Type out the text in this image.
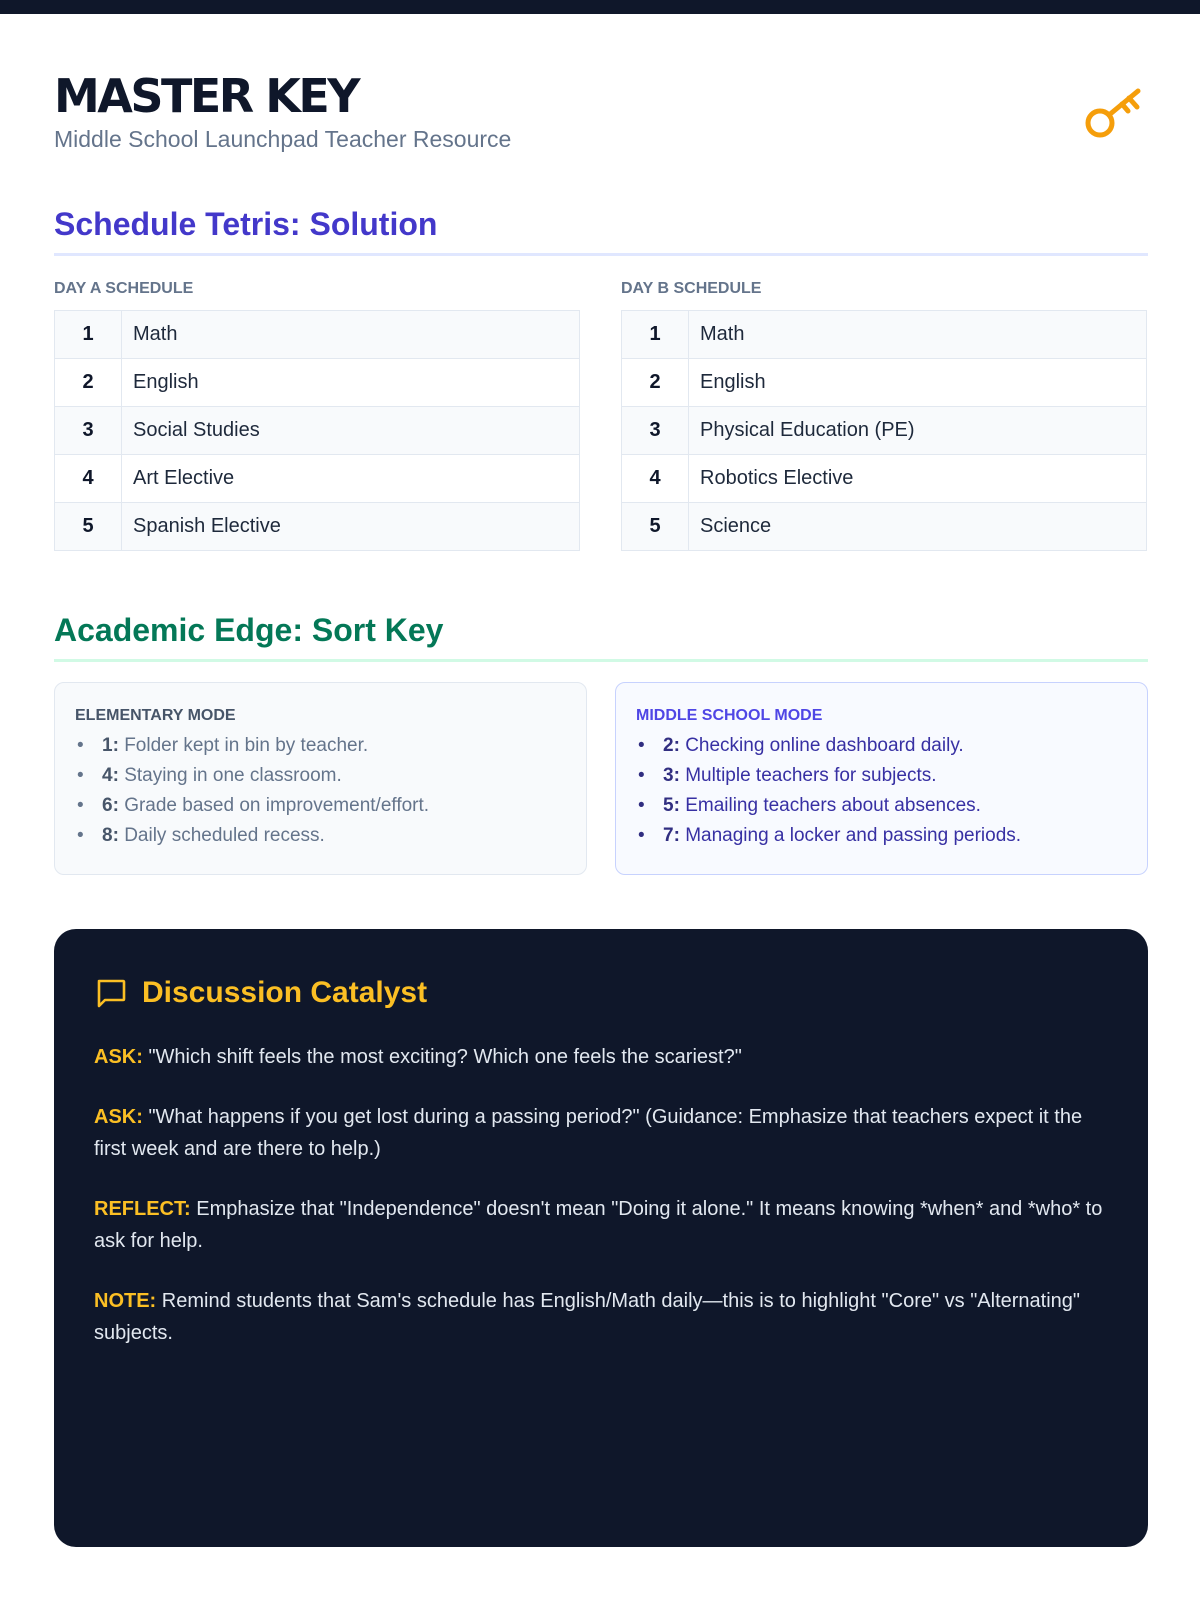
MASTER KEY
Middle School Launchpad Teacher Resource
Schedule Tetris: Solution
DAY A SCHEDULE
1	Math
2	English
3	Social Studies
4	Art Elective
5	Spanish Elective
DAY B SCHEDULE
1	Math
2	English
3	Physical Education (PE)
4	Robotics Elective
5	Science
Academic Edge: Sort Key
ELEMENTARY MODE
• 1: Folder kept in bin by teacher.
• 4: Staying in one classroom.
• 6: Grade based on improvement/effort.
• 8: Daily scheduled recess.
MIDDLE SCHOOL MODE
• 2: Checking online dashboard daily.
• 3: Multiple teachers for subjects.
• 5: Emailing teachers about absences.
• 7: Managing a locker and passing periods.
Discussion Catalyst

ASK: "Which shift feels the most exciting? Which one feels the scariest?"

ASK: "What happens if you get lost during a passing period?" (Guidance: Emphasize that teachers expect it the first week and are there to help.)

REFLECT: Emphasize that "Independence" doesn't mean "Doing it alone." It means knowing *when* and *who* to ask for help.

NOTE: Remind students that Sam's schedule has English/Math daily—this is to highlight "Core" vs "Alternating" subjects.
